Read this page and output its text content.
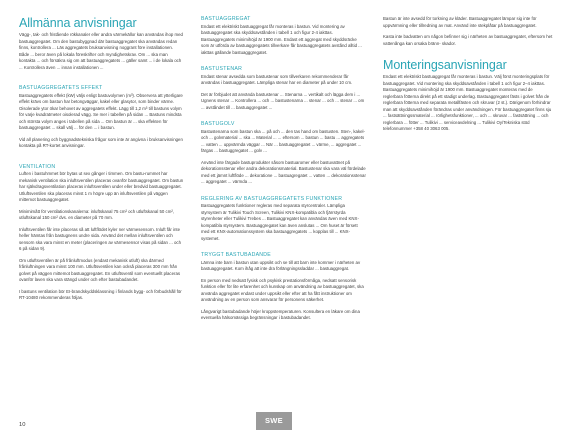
Allmänna anvisningar

Vägg-, tak- och fristående rökkanaler eller andra värmekällor kan användas ihop med bastuaggregatet. Om den bastubyggnad där bastuaggregatet ska användas redan finns, kontrollera ... Läs aggregatets bruksanvisning noggrant före installationen. Både ... beror även på lokala föreskrifter och myndighetskrav. Om ... ska man kontakta ... och försäkra sig om att bastuaggregatets ... gäller samt ... i de lokala och ... Kontrollera även ... innan installationen ...

BASTUAGGREGATETS EFFEKT

Bastuaggregatets effekt (kW) väljs enligt bastuvolymen (m³). Observera att ytterligare effekt krävs om bastun har betongväggar, kakel eller glasytor, som binder värme. Oisolerade ytor ökar behovet av aggregatets effekt. Lägg till 1,2 m³ till bastuns volym för varje kvadratmeter oisolerad vägg. Se mer i tabellen på sidan ... Bastuns mindsta och största volym anges i tabellen på sida ... Om bastun är ... ska effekten för bastuaggregatet ... skall välj ... för den ... i bastun.

Vid all planering och byggnadstekniska frågor som inte är angivna i bruksanvisningen kontakta på RT-kortet anvisningar.

VENTILATION

Luften i bastuhmmet bör bytas ut sex gånger i timmen. Om bastu-rummet har mekanisk ventilation ska inluftsventilen placeras ovanför bastuaggregatet. Om bastun har självdragsventilation placeras inluftsventilen under eller bredvid bastuaggregatet. Utluftsventilen ska placeras minst 1 m högre upp än inluftsventilen på väggen mittemot bastuaggregatet.

Minimimått för ventilationskanalerna: inluftskanal 75 cm² och utluftskanal 50 cm², utluftskanal 150 cm² dvs. en diameter på 70 mm.

Inluftsventilen får inte placeras så att luftflödet kyler ner värmesensorn. Inluft får inte heller hämtas från bastugnens undre sida. Använd det mellan inluftsventilen och sensorn ska vara minst en meter (placeringen av värmesensor visas på sidan ... och 6 på sidan 9).

Om utluftsventilen är på frånluftmodus (endast mekanisk utluft) ska därmed frånluftningen vara minst 100 mm. Utluftsventilen kan också placeras 300 mm från golvet på väggen mittemot bastuaggregatet. En utluftsventil som eventuellt placeras ovanför laven ska vara stängd under och efter bastubadandet.

I bastuns ventilation bör EI-brandskyddsklassning i finlands bygg- och förbudshåll för RT-10480 rekommenderas följas.

BASTUAGGREGAT

Endast ett elektriskt bastuaggregat får monteras i bastun. Vid montering av bastuaggregatet ska skyddsavstånden i tabell 1 och figur 2-4 iakttas. Bastuaggregatets minimihöjd är 1900 mm. Endast ett aggregat med skyddsräcke som är utförda av bastuaggregatets tillverkare får bastuaggregatets avstånd alltid ... iakttas gällande bastuagggregatet.

BASTUSTENAR

Endast stenar avsedda som bastustenar som tillverkaren rekommenderar får användas i bastuaggregatet. Lämpliga stenar har en diameter på under 10 cm.

Det är förbjudet att använda bastustenar ... Stenarna ... vertikalt och lägga dem i ... Ugnens stenar ... Kontrollera ... och ... bastustenarna ... stenar ... och ... stenar ... om ... avståndet till ... bastuaggregatet ...

BASTUGOLV

Bastustenarna som bastun ska ... på och ... den tas hand om bastusten. Sten-, kakel- och ... golvmaterial ... ska ... Material ... ... eftersom ... bastun ... bastu ... aggregatets ... vatten ... uppvärmda väggar ... När ... bastuaggregatet ... värme, ... aggregatet ... färgas ... bastuggregatet ... golv ...

Använd inte färgade bastuprodukter såsom bastuaromer eller bastuvattnet på dekorationsstenar eller andra dekorationsmaterial. Bastustenar ska vara väl fördelade med ett jämnt luftflöde ... dekoratione ... bastuagregatet ... vatten ... dekorationsstenar ... aggregatet ... värmda ...

REGLERING AV BASTUAGGREGATETS FUNKTIONER

Bastuaggregatets funktioner regleras med separata styrcentraler. Lämpliga styrsystem är Tulikivi Touch Screen, Tulikivi KNX-kompatibla och fjärrstyrda styrenheter eller Tulikivi Trebes ... Bastuaggregatet kan användas även med KNX-kompatibla styrsystem. Bastuaggregatet kan även anslutas ... Om huset är försett med ett KNX-automationssystem ska bastuaggregatets ... kopplas till ... KNX-systemet.

TRYGGT BASTUBADANDE

Lämna inte barn i bastun utan uppsikt och se till att barn inte kommer i närheten av bastuaggregatet. Kom ihåg att inte dra förlängningssladdar ... bastuaggregat.

En person med nedsatt fysisk och psykisk prestationsförmåga, nedsatt sensorisk funktion eller för lite erfarenhet och kunskap om användning av bastuaggregatet, ska använda aggregatet endast under uppsikt eller efter att ha fått instruktioner om användning av en person som ansvarar för personens säkerhet.

Långvarigt bastubadande höjer kroppstemperaturen. Konsultera en läkare om dina eventuella hälsomässiga begränsningar i bastubadandet.

Bastun är inte avsedd för torkning av kläder. Bastuaggregatet lämpar sig inte för uppvärmning eller tillredning av mat. Använd inte stekplåtar på bastuaggregatet.

Kasta inte badvatten om någon befinner sig i närheten av bastuaggregatet, eftersom het vattenånga kan orsaka bränn- skador.

Monteringsanvisningar

Endast ett elektriskt bastuaggregat får monteras i bastun. Välj först monteringsplats för bastuaggregatet. Vid montering ska skyddsavstånden i tabell 1 och figur 2–4 iakttas. Bastuaggregatets minimihöjd är 1900 mm. Bastuaggregatet monteras med de reglerbara fötterna direkt på ett stadigt underlag. Bastuaggregatet fästs i golvet från de reglerbara fötterna med separata metallfästen och skruvar (2 st.). Därigenom förhindrar man att skyddsavstånden förändras under användningen. För bastuaggregatet finns sju ... fastsättningssmaterial ... rörlighetsfunktioner, ... och ... skruvar ... fastsättning ... och reglerbara ... fötter ... Tulikivi ... serviceavdelning ... Tulikivi Oy/Tekniska stöd telefonnummer +358 40 3063 005.

10	SWE
